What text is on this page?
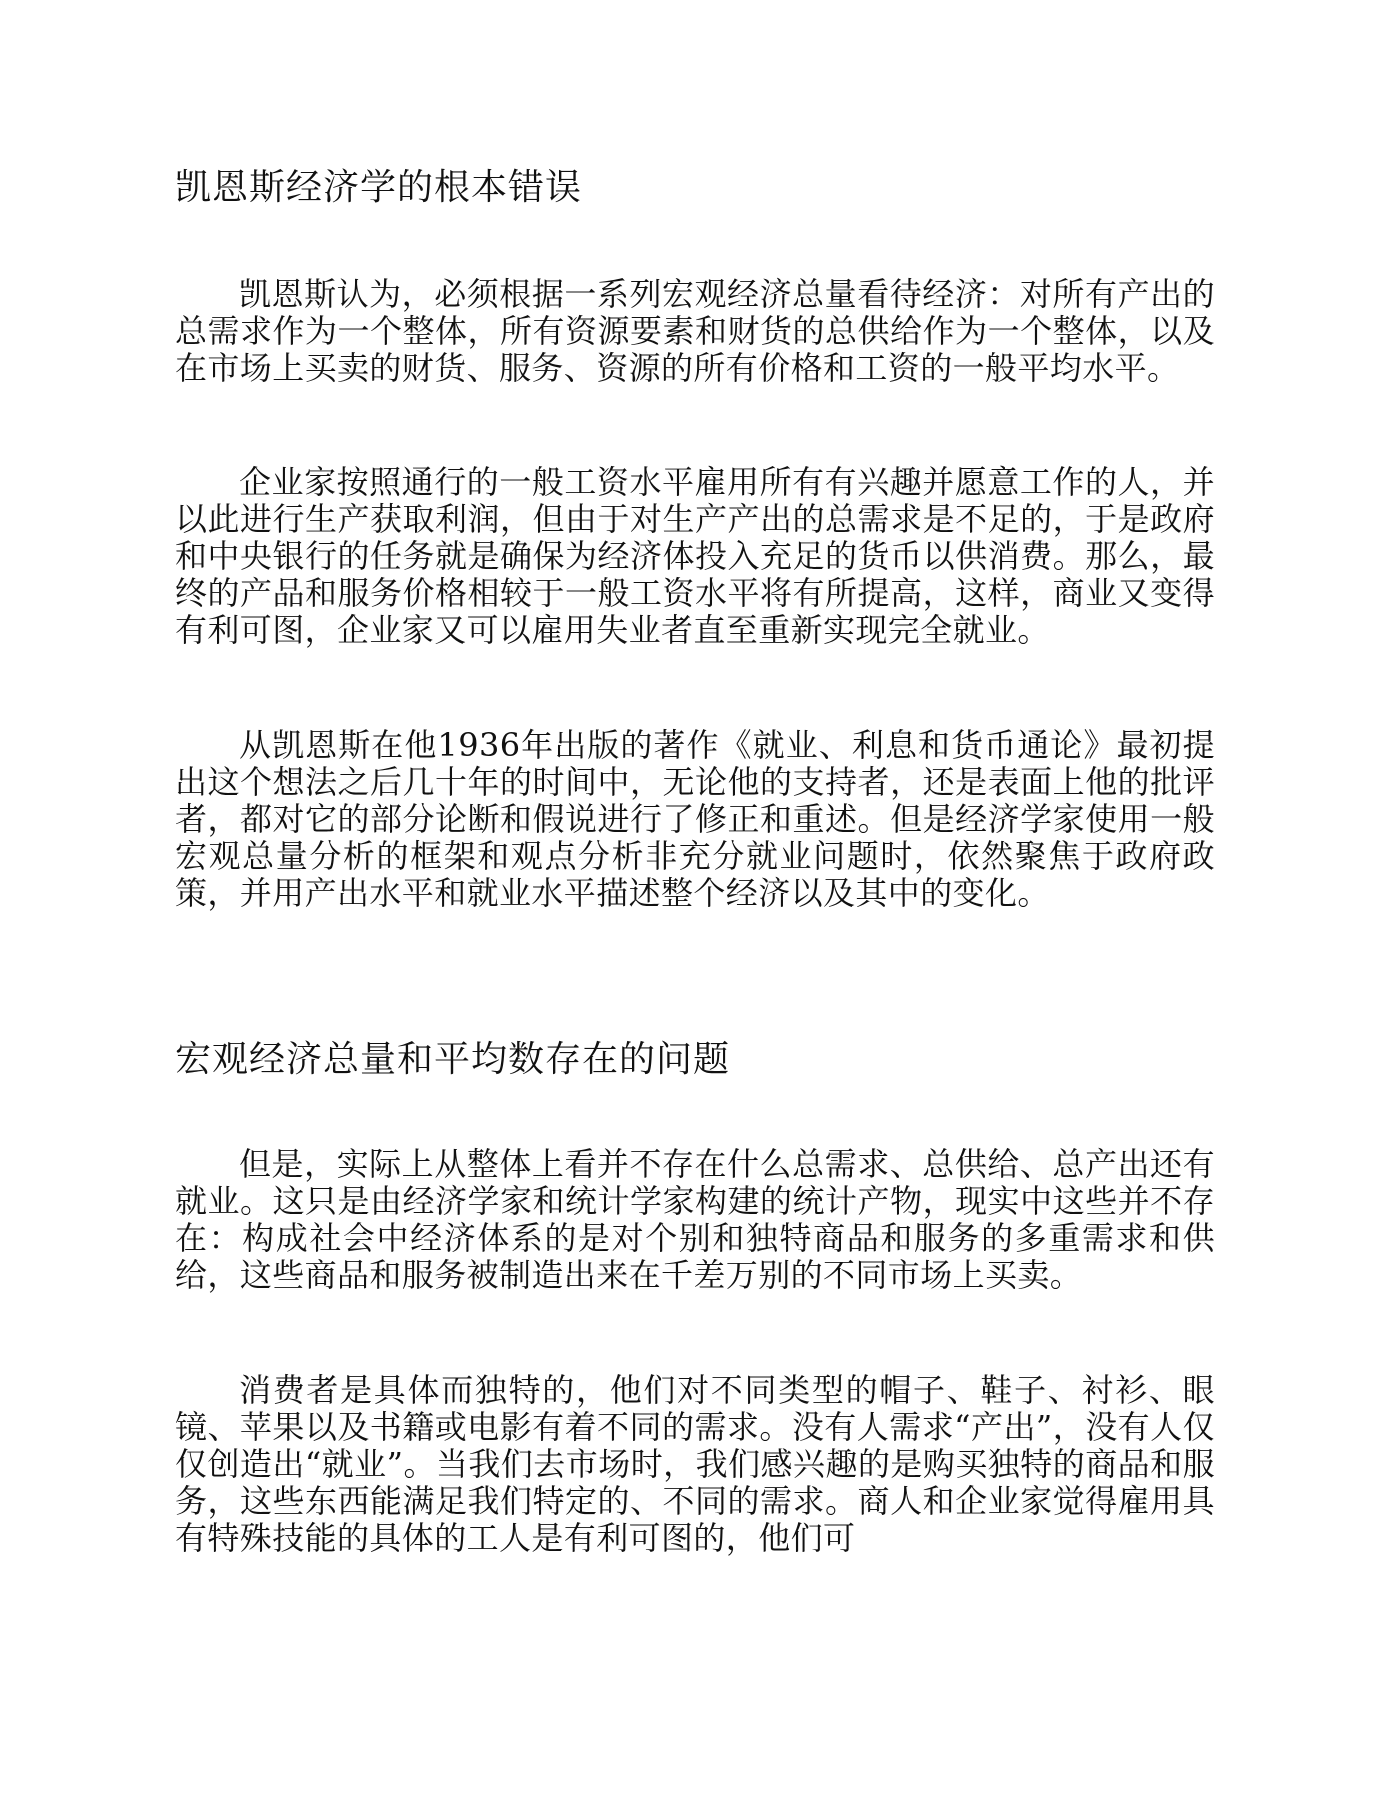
凯恩斯经济学的根本错误

凯恩斯认为，必须根据一系列宏观经济总量看待经济：对所有产出的总需求作为一个整体，所有资源要素和财货的总供给作为一个整体，以及在市场上买卖的财货、服务、资源的所有价格和工资的一般平均水平。

企业家按照通行的一般工资水平雇用所有有兴趣并愿意工作的人，并以此进行生产获取利润，但由于对生产产出的总需求是不足的，于是政府和中央银行的任务就是确保为经济体投入充足的货币以供消费。那么，最终的产品和服务价格相较于一般工资水平将有所提高，这样，商业又变得有利可图，企业家又可以雇用失业者直至重新实现完全就业。

从凯恩斯在他1936年出版的著作《就业、利息和货币通论》最初提出这个想法之后几十年的时间中，无论他的支持者，还是表面上他的批评者，都对它的部分论断和假说进行了修正和重述。但是经济学家使用一般宏观总量分析的框架和观点分析非充分就业问题时，依然聚焦于政府政策，并用产出水平和就业水平描述整个经济以及其中的变化。

宏观经济总量和平均数存在的问题

但是，实际上从整体上看并不存在什么总需求、总供给、总产出还有就业。这只是由经济学家和统计学家构建的统计产物，现实中这些并不存在：构成社会中经济体系的是对个别和独特商品和服务的多重需求和供给，这些商品和服务被制造出来在千差万别的不同市场上买卖。

消费者是具体而独特的，他们对不同类型的帽子、鞋子、衬衫、眼镜、苹果以及书籍或电影有着不同的需求。没有人需求“产出”，没有人仅仅创造出“就业”。当我们去市场时，我们感兴趣的是购买独特的商品和服务，这些东西能满足我们特定的、不同的需求。商人和企业家觉得雇用具有特殊技能的具体的工人是有利可图的，他们可
